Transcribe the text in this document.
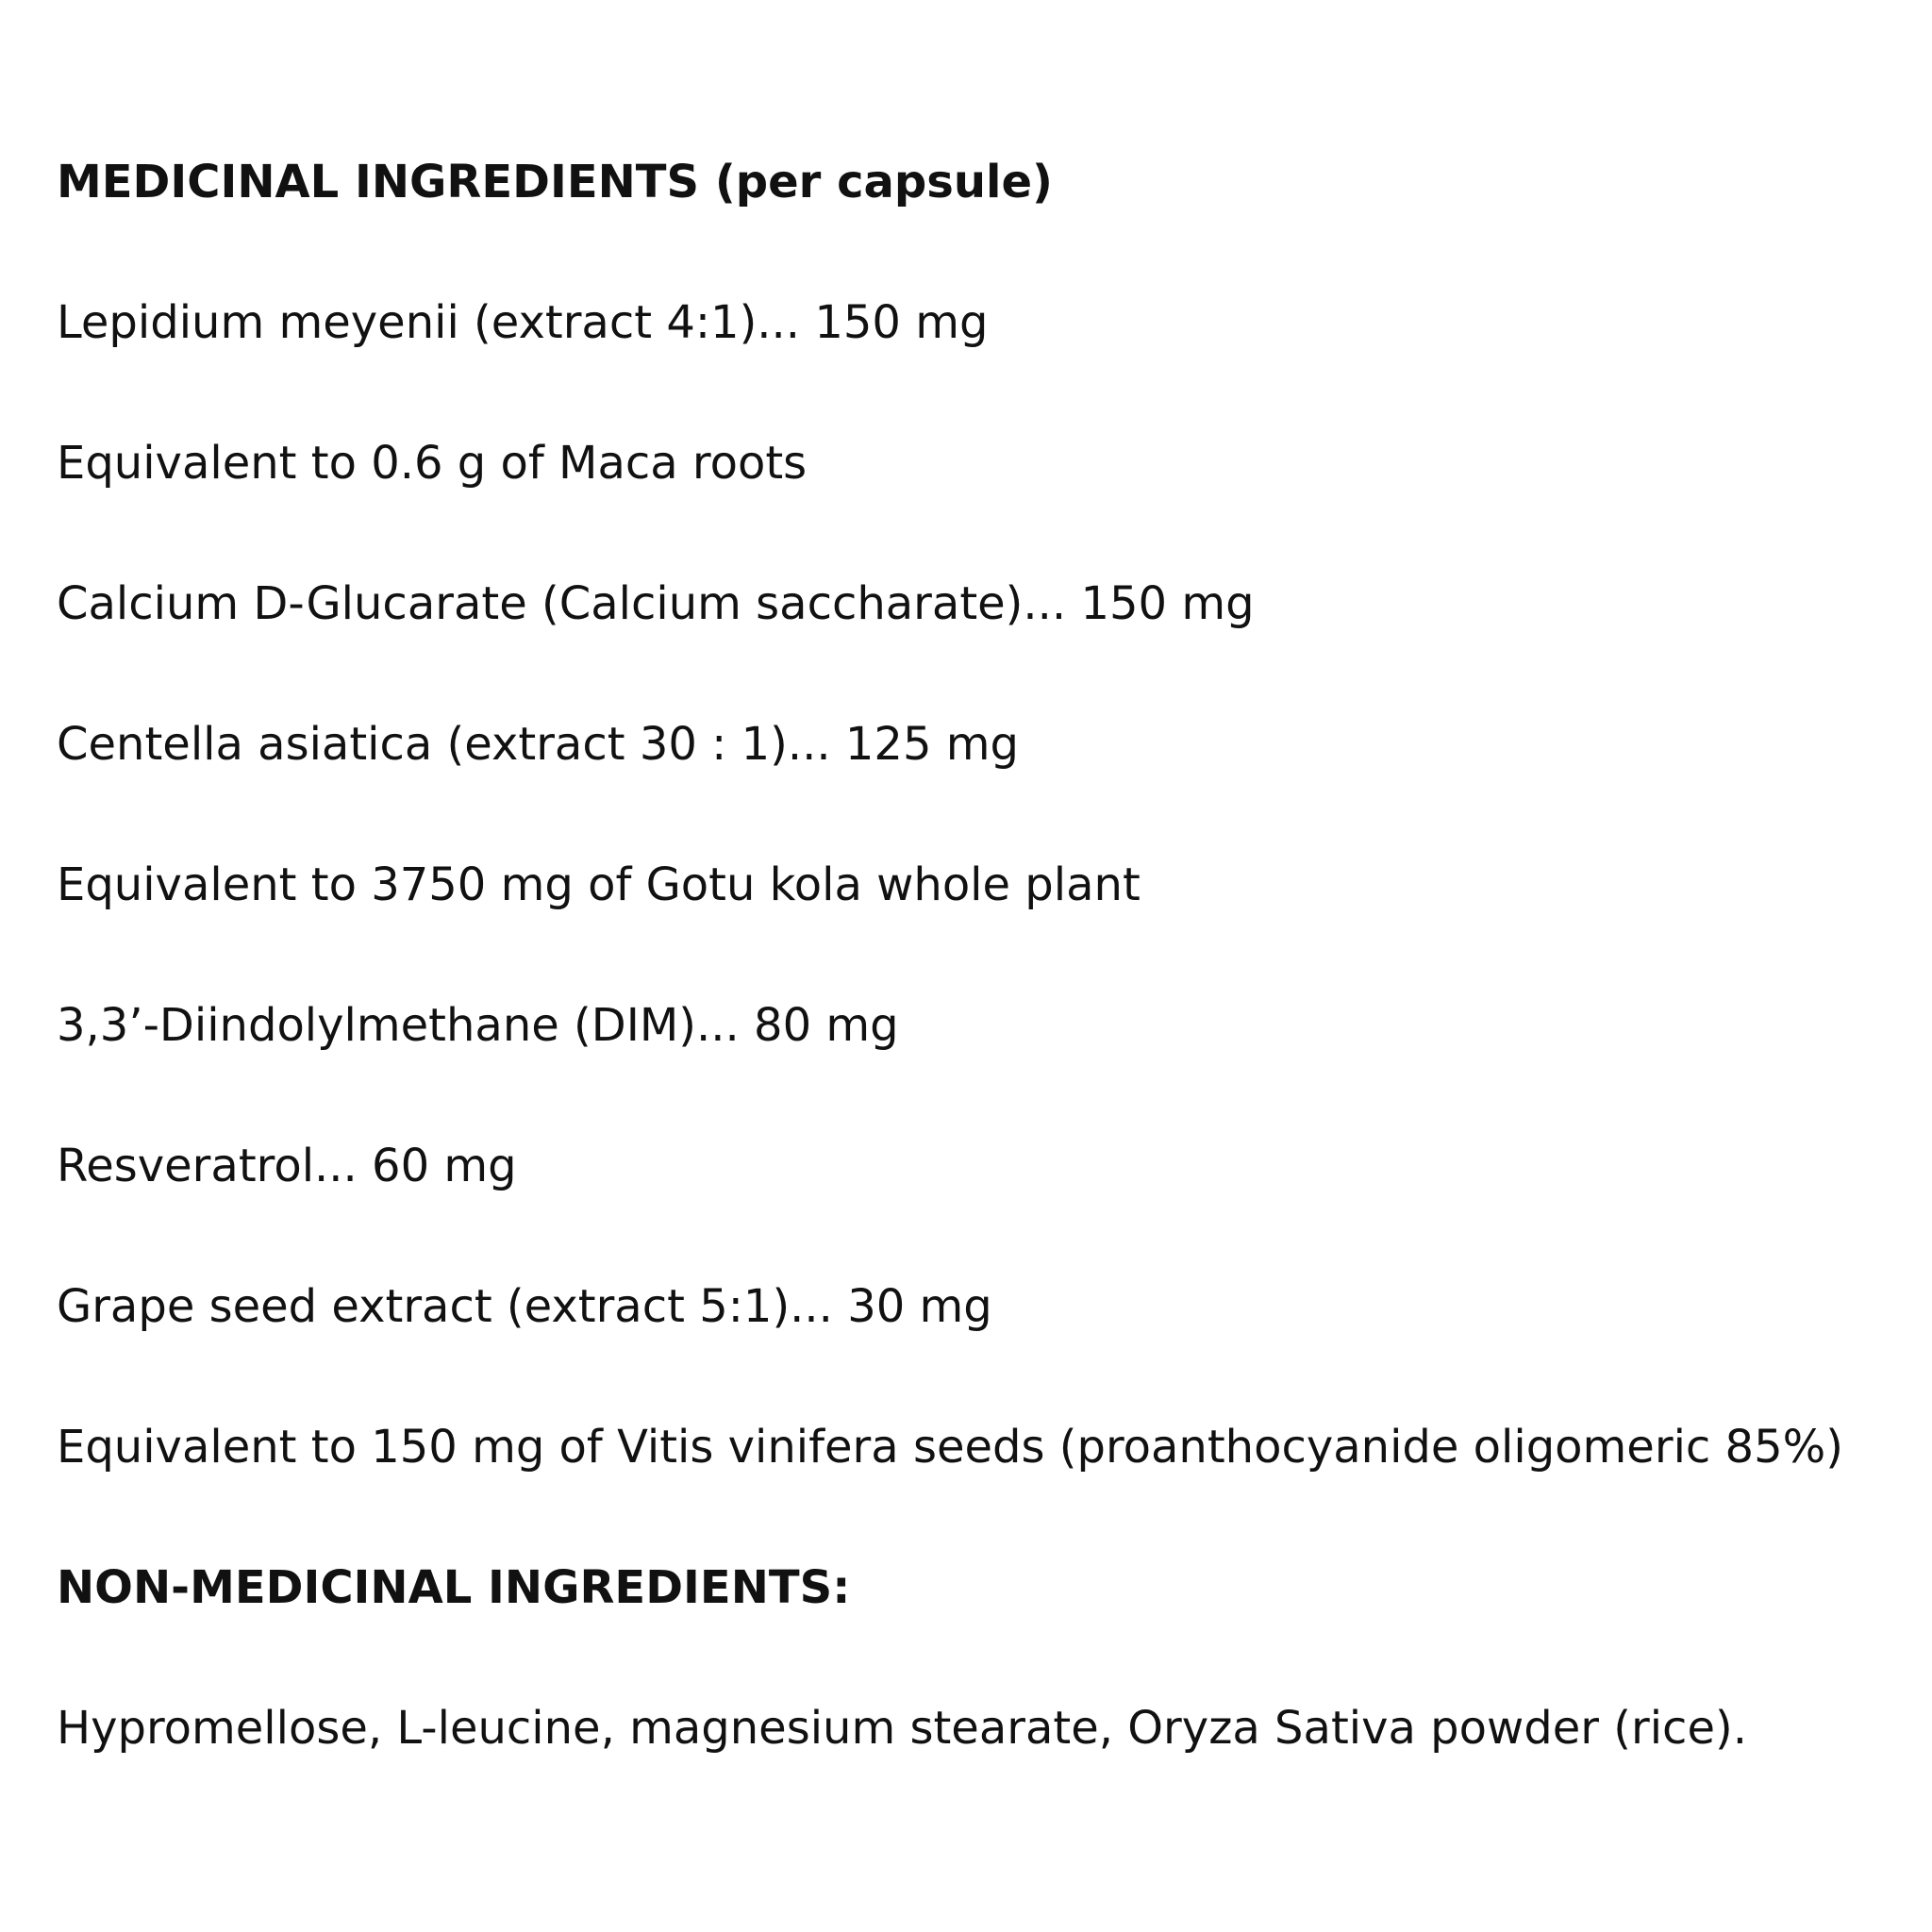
MEDICINAL INGREDIENTS (per capsule)

Lepidium meyenii (extract 4:1)... 150 mg

Equivalent to 0.6 g of Maca roots

Calcium D-Glucarate (Calcium saccharate)... 150 mg

Centella asiatica (extract 30 : 1)... 125 mg

Equivalent to 3750 mg of Gotu kola whole plant

3,3’-Diindolylmethane (DIM)... 80 mg

Resveratrol... 60 mg

Grape seed extract (extract 5:1)... 30 mg

Equivalent to 150 mg of Vitis vinifera seeds (proanthocyanide oligomeric 85%)

NON-MEDICINAL INGREDIENTS:

Hypromellose, L-leucine, magnesium stearate, Oryza Sativa powder (rice).
